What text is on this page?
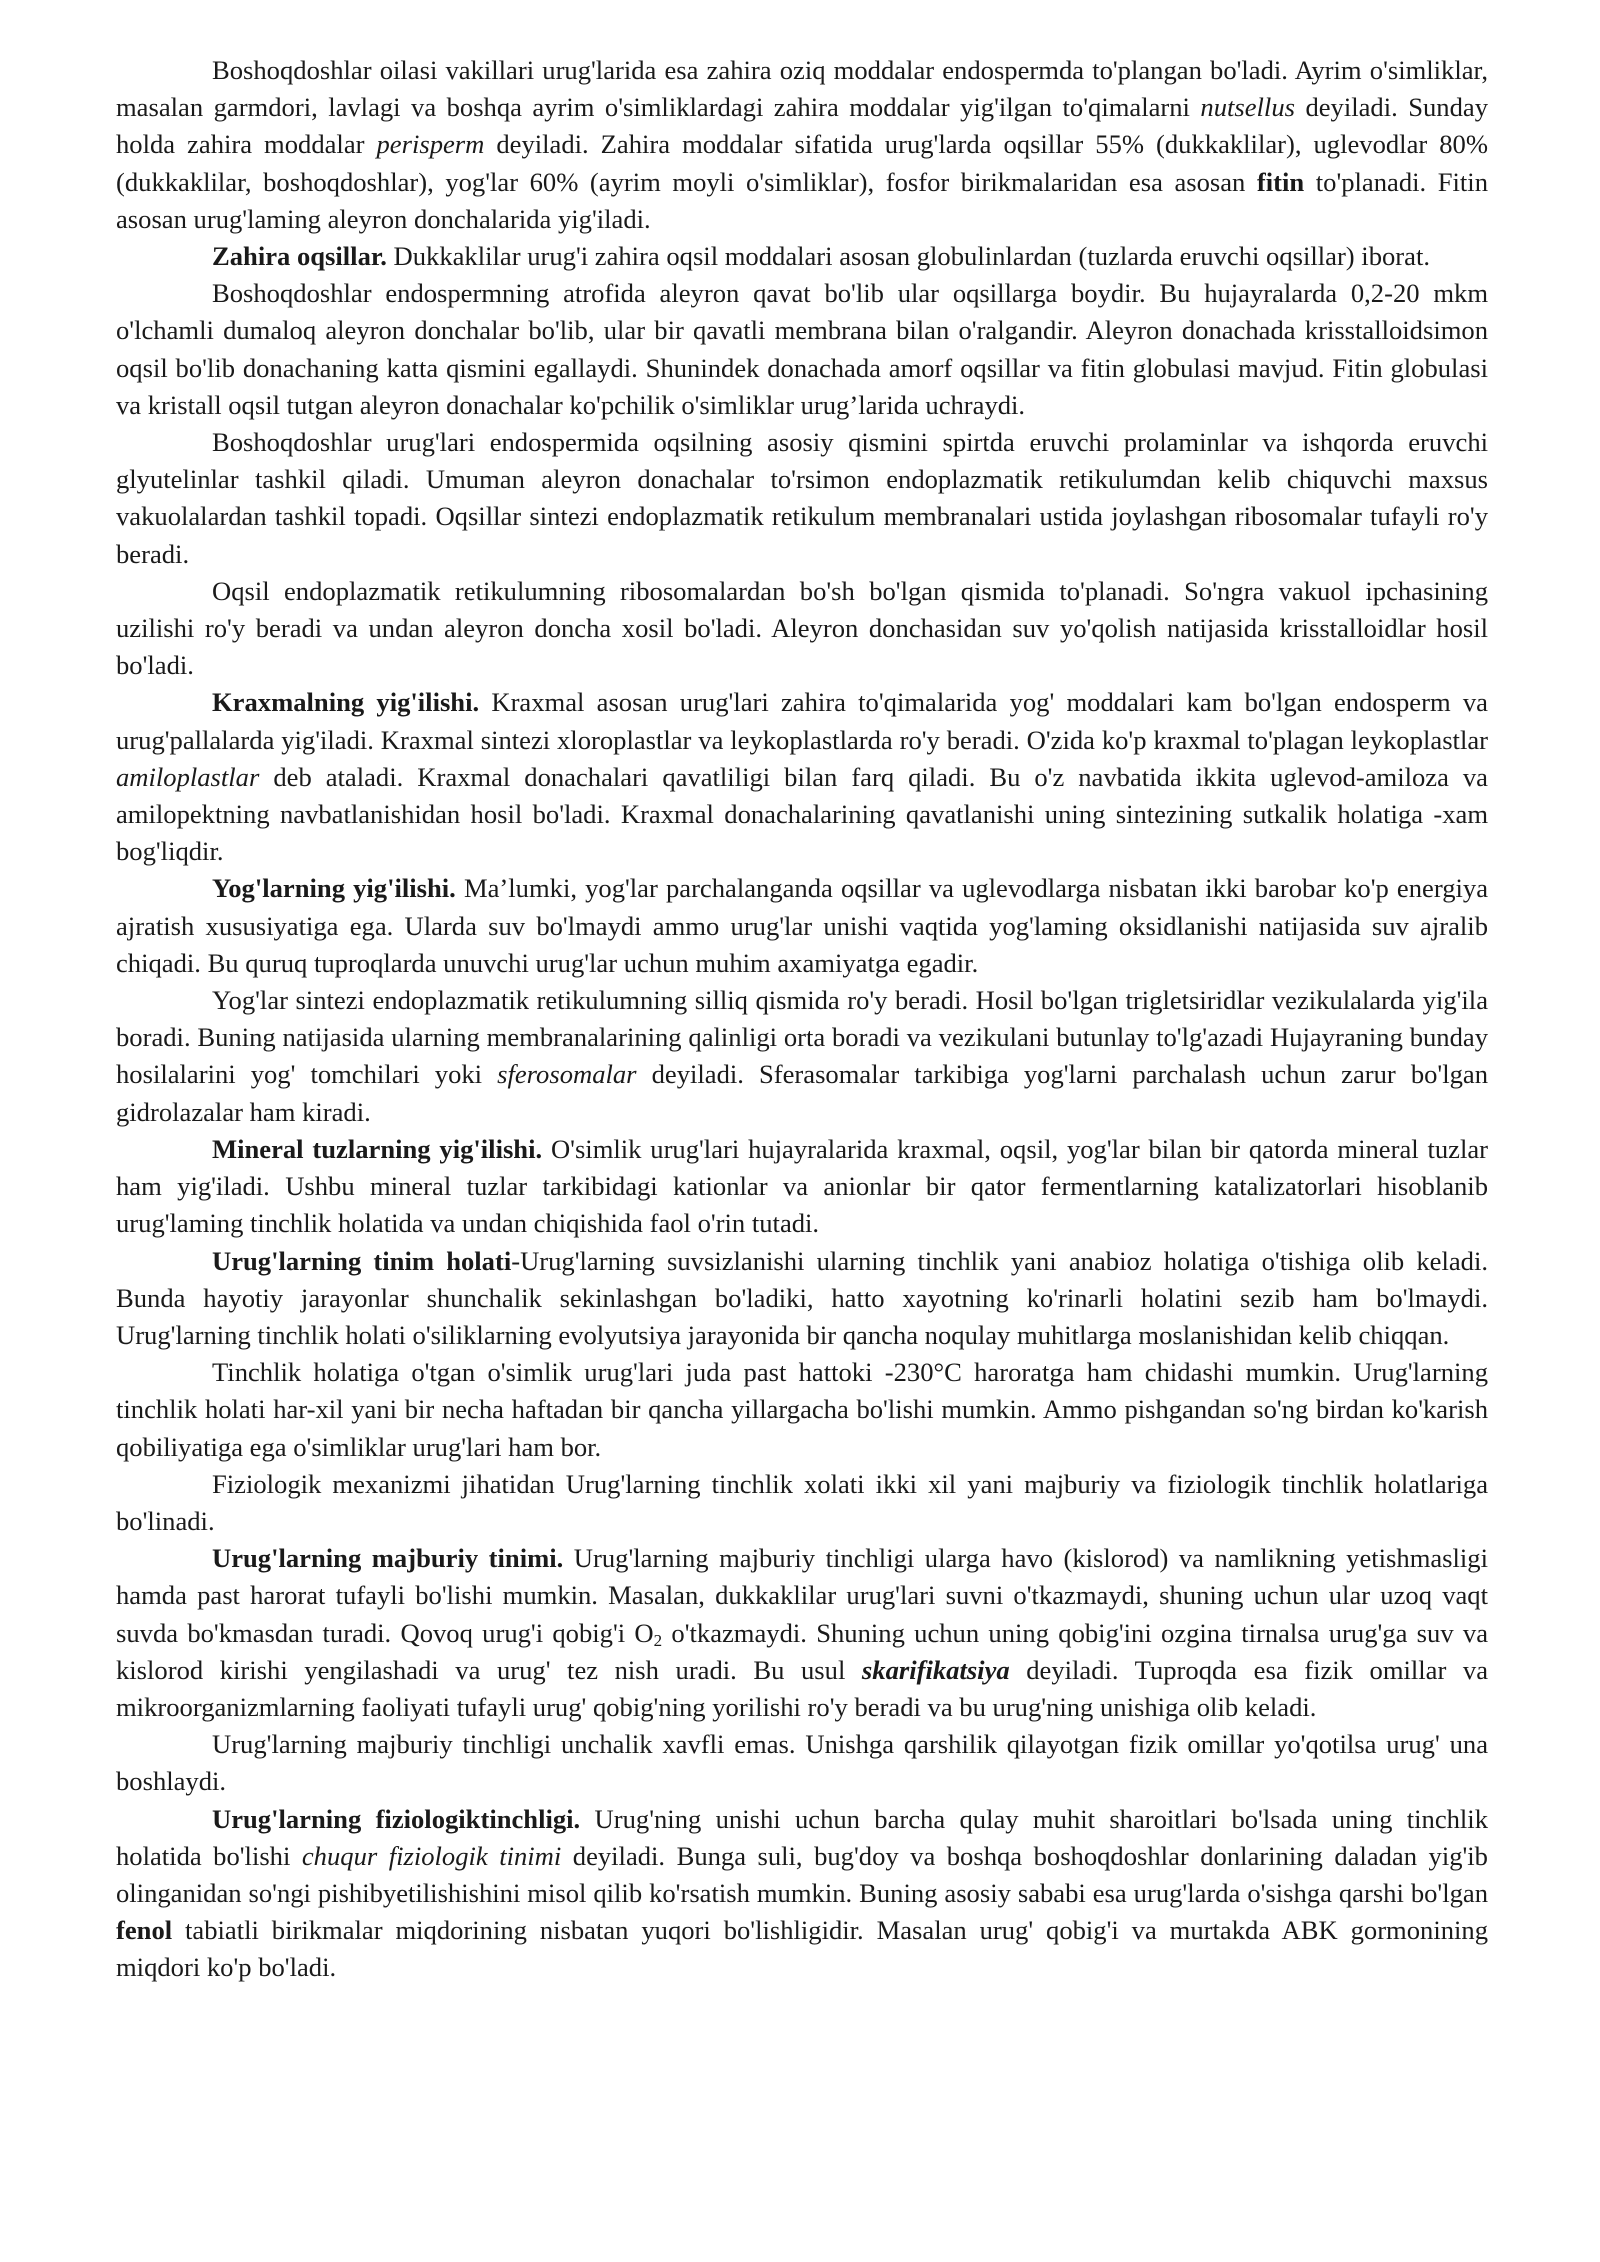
Boshoqdoshlar oilasi vakillari urug'larida esa zahira oziq moddalar endospermda to'plangan bo'ladi. Ayrim o'simliklar, masalan garmdori, lavlagi va boshqa ayrim o'simliklardagi zahira moddalar yig'ilgan to'qimalarni nutsellus deyiladi. Sunday holda zahira moddalar perisperm deyiladi. Zahira moddalar sifatida urug'larda oqsillar 55% (dukkaklilar), uglevodlar 80% (dukkaklilar, boshoqdoshlar), yog'lar 60% (ayrim moyli o'simliklar), fosfor birikmalaridan esa asosan fitin to'planadi. Fitin asosan urug'laming aleyron donchalarida yig'iladi.

Zahira oqsillar. Dukkaklilar urug'i zahira oqsil moddalari asosan globulinlardan (tuzlarda eruvchi oqsillar) iborat.

Boshoqdoshlar endospermning atrofida aleyron qavat bo'lib ular oqsillarga boydir. Bu hujayralarda 0,2-20 mkm o'lchamli dumaloq aleyron donchalar bo'lib, ular bir qavatli membrana bilan o'ralgandir. Aleyron donachada krisstalloidsimon oqsil bo'lib donachaning katta qismini egallaydi. Shunindek donachada amorf oqsillar va fitin globulasi mavjud. Fitin globulasi va kristall oqsil tutgan aleyron donachalar ko'pchilik o'simliklar urug’larida uchraydi.

Boshoqdoshlar urug'lari endospermida oqsilning asosiy qismini spirtda eruvchi prolaminlar va ishqorda eruvchi glyutelinlar tashkil qiladi. Umuman aleyron donachalar to'rsimon endoplazmatik retikulumdan kelib chiquvchi maxsus vakuolalardan tashkil topadi. Oqsillar sintezi endoplazmatik retikulum membranalari ustida joylashgan ribosomalar tufayli ro'y beradi.

Oqsil endoplazmatik retikulumning ribosomalardan bo'sh bo'lgan qismida to'planadi. So'ngra vakuol ipchasining uzilishi ro'y beradi va undan aleyron doncha xosil bo'ladi. Aleyron donchasidan suv yo'qolish natijasida krisstalloidlar hosil bo'ladi.

Kraxmalning yig'ilishi. Kraxmal asosan urug'lari zahira to'qimalarida yog' moddalari kam bo'lgan endosperm va urug'pallalarda yig'iladi. Kraxmal sintezi xloroplastlar va leykoplastlarda ro'y beradi. O'zida ko'p kraxmal to'plagan leykoplastlar amiloplastlar deb ataladi. Kraxmal donachalari qavatliligi bilan farq qiladi. Bu o'z navbatida ikkita uglevod-amiloza va amilopektning navbatlanishidan hosil bo'ladi. Kraxmal donachalarining qavatlanishi uning sintezining sutkalik holatiga -xam bog'liqdir.

Yog'larning yig'ilishi. Ma’lumki, yog'lar parchalanganda oqsillar va uglevodlarga nisbatan ikki barobar ko'p energiya ajratish xususiyatiga ega. Ularda suv bo'lmaydi ammo urug'lar unishi vaqtida yog'laming oksidlanishi natijasida suv ajralib chiqadi. Bu quruq tuproqlarda unuvchi urug'lar uchun muhim axamiyatga egadir.

Yog'lar sintezi endoplazmatik retikulumning silliq qismida ro'y beradi. Hosil bo'lgan trigletsiridlar vezikulalarda yig'ila boradi. Buning natijasida ularning membranalarining qalinligi orta boradi va vezikulani butunlay to'lg'azadi Hujayraning bunday hosilalarini yog' tomchilari yoki sferosomalar deyiladi. Sferasomalar tarkibiga yog'larni parchalash uchun zarur bo'lgan gidrolazalar ham kiradi.

Mineral tuzlarning yig'ilishi. O'simlik urug'lari hujayralarida kraxmal, oqsil, yog'lar bilan bir qatorda mineral tuzlar ham yig'iladi. Ushbu mineral tuzlar tarkibidagi kationlar va anionlar bir qator fermentlarning katalizatorlari hisoblanib urug'laming tinchlik holatida va undan chiqishida faol o'rin tutadi.

Urug'larning tinim holati-Urug'larning suvsizlanishi ularning tinchlik yani anabioz holatiga o'tishiga olib keladi. Bunda hayotiy jarayonlar shunchalik sekinlashgan bo'ladiki, hatto xayotning ko'rinarli holatini sezib ham bo'lmaydi. Urug'larning tinchlik holati o'siliklarning evolyutsiya jarayonida bir qancha noqulay muhitlarga moslanishidan kelib chiqqan.

Tinchlik holatiga o'tgan o'simlik urug'lari juda past hattoki -230°C haroratga ham chidashi mumkin. Urug'larning tinchlik holati har-xil yani bir necha haftadan bir qancha yillargacha bo'lishi mumkin. Ammo pishgandan so'ng birdan ko'karish qobiliyatiga ega o'simliklar urug'lari ham bor.

Fiziologik mexanizmi jihatidan Urug'larning tinchlik xolati ikki xil yani majburiy va fiziologik tinchlik holatlariga bo'linadi.

Urug'larning majburiy tinimi. Urug'larning majburiy tinchligi ularga havo (kislorod) va namlikning yetishmasligi hamda past harorat tufayli bo'lishi mumkin. Masalan, dukkaklilar urug'lari suvni o'tkazmaydi, shuning uchun ular uzoq vaqt suvda bo'kmasdan turadi. Qovoq urug'i qobig'i $O_2$ o'tkazmaydi. Shuning uchun uning qobig'ini ozgina tirnalsa urug'ga suv va kislorod kirishi yengilashadi va urug' tez nish uradi. Bu usul skarifikatsiya deyiladi. Tuproqda esa fizik omillar va mikroorganizmlarning faoliyati tufayli urug' qobig'ning yorilishi ro'y beradi va bu urug'ning unishiga olib keladi.

Urug'larning majburiy tinchligi unchalik xavfli emas. Unishga qarshilik qilayotgan fizik omillar yo'qotilsa urug' una boshlaydi.

Urug'larning fiziologiktinchligi. Urug'ning unishi uchun barcha qulay muhit sharoitlari bo'lsada uning tinchlik holatida bo'lishi chuqur fiziologik tinimi deyiladi. Bunga suli, bug'doy va boshqa boshoqdoshlar donlarining daladan yig'ib olinganidan so'ngi pishibyetilishishini misol qilib ko'rsatish mumkin. Buning asosiy sababi esa urug'larda o'sishga qarshi bo'lgan fenol tabiatli birikmalar miqdorining nisbatan yuqori bo'lishligidir. Masalan urug' qobig'i va murtakda ABK gormonining miqdori ko'p bo'ladi.
